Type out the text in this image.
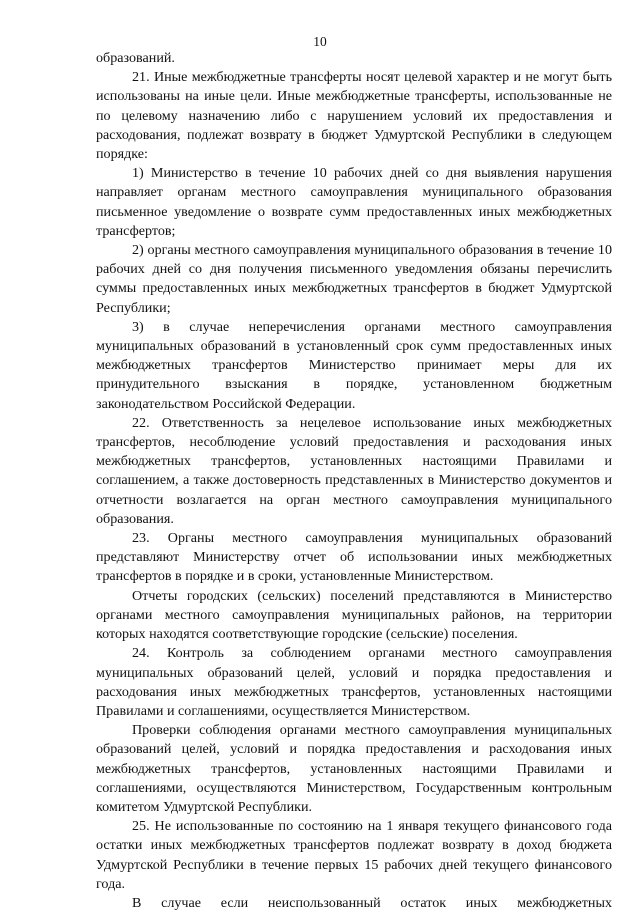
10

образований.

21. Иные межбюджетные трансферты носят целевой характер и не могут быть использованы на иные цели. Иные межбюджетные трансферты, использованные не по целевому назначению либо с нарушением условий их предоставления и расходования, подлежат возврату в бюджет Удмуртской Республики в следующем порядке:

1) Министерство в течение 10 рабочих дней со дня выявления нарушения направляет органам местного самоуправления муниципального образования письменное уведомление о возврате сумм предоставленных иных межбюджетных трансфертов;

2) органы местного самоуправления муниципального образования в течение 10 рабочих дней со дня получения письменного уведомления обязаны перечислить суммы предоставленных иных межбюджетных трансфертов в бюджет Удмуртской Республики;

3) в случае неперечисления органами местного самоуправления муниципальных образований в установленный срок сумм предоставленных иных межбюджетных трансфертов Министерство принимает меры для их принудительного взыскания в порядке, установленном бюджетным законодательством Российской Федерации.

22. Ответственность за нецелевое использование иных межбюджетных трансфертов, несоблюдение условий предоставления и расходования иных межбюджетных трансфертов, установленных настоящими Правилами и соглашением, а также достоверность представленных в Министерство документов и отчетности возлагается на орган местного самоуправления муниципального образования.

23. Органы местного самоуправления муниципальных образований представляют Министерству отчет об использовании иных межбюджетных трансфертов в порядке и в сроки, установленные Министерством.

Отчеты городских (сельских) поселений представляются в Министерство органами местного самоуправления муниципальных районов, на территории которых находятся соответствующие городские (сельские) поселения.

24. Контроль за соблюдением органами местного самоуправления муниципальных образований целей, условий и порядка предоставления и расходования иных межбюджетных трансфертов, установленных настоящими Правилами и соглашениями, осуществляется Министерством.

Проверки соблюдения органами местного самоуправления муниципальных образований целей, условий и порядка предоставления и расходования иных межбюджетных трансфертов, установленных настоящими Правилами и соглашениями, осуществляются Министерством, Государственным контрольным комитетом Удмуртской Республики.

25. Не использованные по состоянию на 1 января текущего финансового года остатки иных межбюджетных трансфертов подлежат возврату в доход бюджета Удмуртской Республики в течение первых 15 рабочих дней текущего финансового года.

В случае если неиспользованный остаток иных межбюджетных
